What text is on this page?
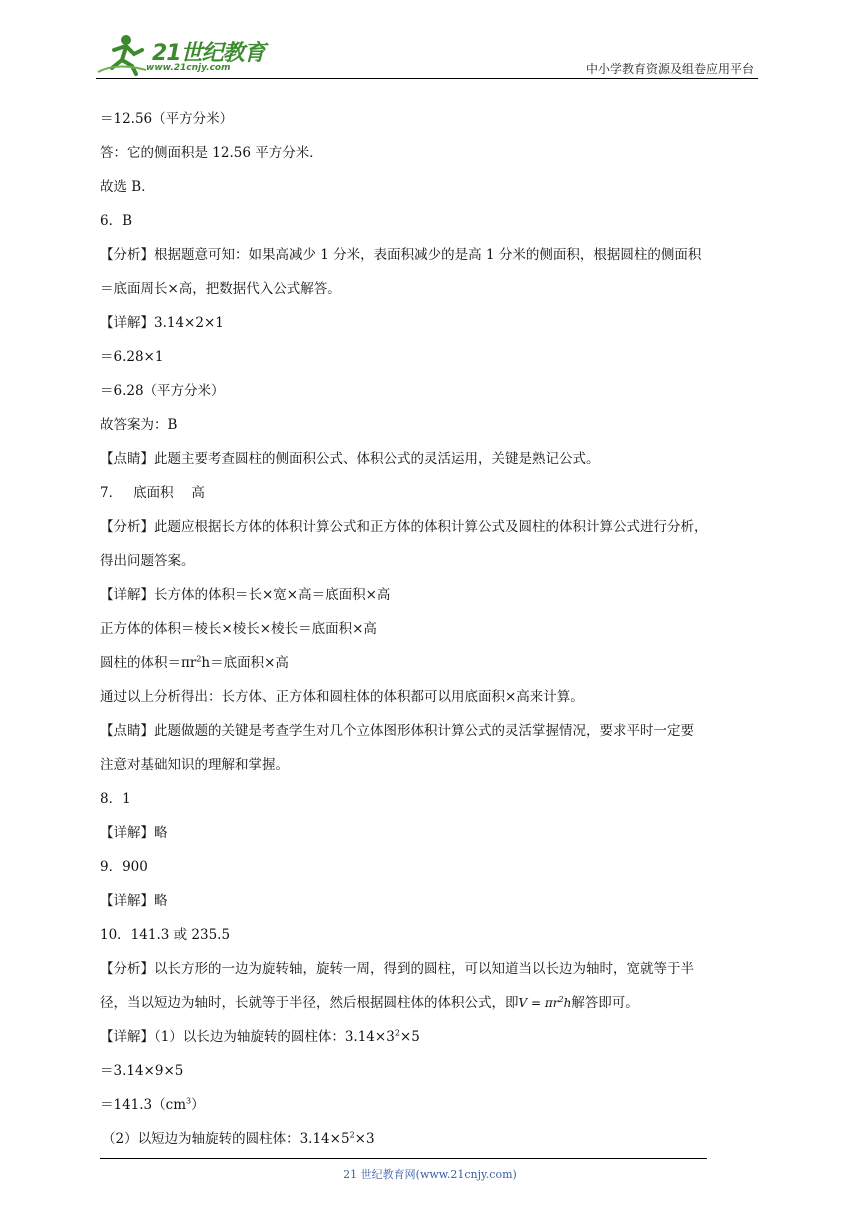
21世纪教育
www.21cnjy.com	中小学教育资源及组卷应用平台
＝12.56（平方分米）
答：它的侧面积是 12.56 平方分米．
故选 B．
6．B
【分析】根据题意可知：如果高减少 1 分米，表面积减少的是高 1 分米的侧面积，根据圆柱的侧面积
＝底面周长×高，把数据代入公式解答。
【详解】3.14×2×1
＝6.28×1
＝6.28（平方分米）
故答案为：B
【点睛】此题主要考查圆柱的侧面积公式、体积公式的灵活运用，关键是熟记公式。
7．　 底面积　 高
【分析】此题应根据长方体的体积计算公式和正方体的体积计算公式及圆柱的体积计算公式进行分析，
得出问题答案。
【详解】长方体的体积＝长×宽×高＝底面积×高
正方体的体积＝棱长×棱长×棱长＝底面积×高
圆柱的体积$=\pi r^2h=$底面积×高
通过以上分析得出：长方体、正方体和圆柱体的体积都可以用底面积×高来计算。
【点睛】此题做题的关键是考查学生对几个立体图形体积计算公式的灵活掌握情况，要求平时一定要
注意对基础知识的理解和掌握。
8．1
【详解】略
9．900
【详解】略
10．141.3 或 235.5
【分析】以长方形的一边为旋转轴，旋转一周，得到的圆柱，可以知道当以长边为轴时，宽就等于半
径，当以短边为轴时，长就等于半径，然后根据圆柱体的体积公式，即$V = \pi r^2h$解答即可。
【详解】（1）以长边为轴旋转的圆柱体：$3.14\times 3^2\times 5$
＝3.14×9×5
$=141.3(cm^3)$
（2）以短边为轴旋转的圆柱体：$3.14\times 5^2\times 3$
21 世纪教育网(www.21cnjy.com)
